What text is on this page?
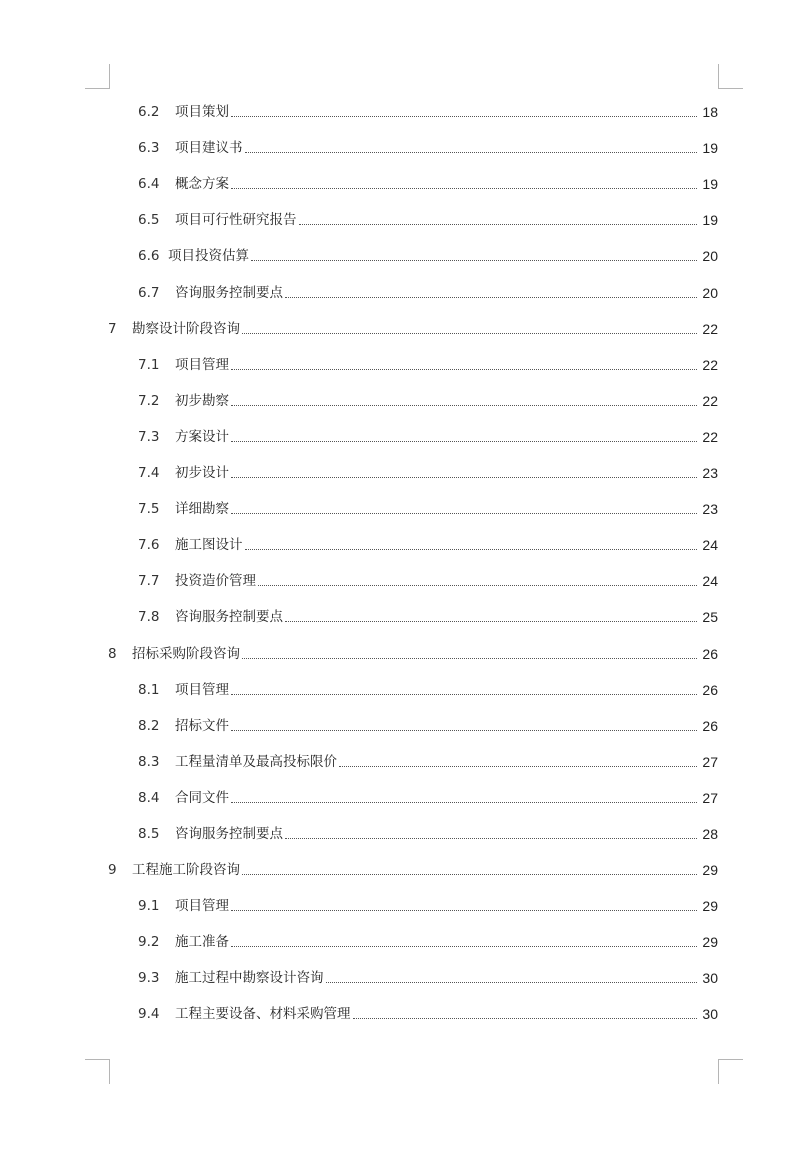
6.2	项目策划	18
6.3	项目建议书	19
6.4	概念方案	19
6.5	项目可行性研究报告	19
6.6 项目投资估算	20
6.7	咨询服务控制要点	20
7	勘察设计阶段咨询	22
7.1	项目管理	22
7.2	初步勘察	22
7.3	方案设计	22
7.4	初步设计	23
7.5	详细勘察	23
7.6	施工图设计	24
7.7	投资造价管理	24
7.8	咨询服务控制要点	25
8	招标采购阶段咨询	26
8.1	项目管理	26
8.2	招标文件	26
8.3	工程量清单及最高投标限价	27
8.4	合同文件	27
8.5	咨询服务控制要点	28
9	工程施工阶段咨询	29
9.1	项目管理	29
9.2	施工准备	29
9.3	施工过程中勘察设计咨询	30
9.4	工程主要设备、材料采购管理	30
